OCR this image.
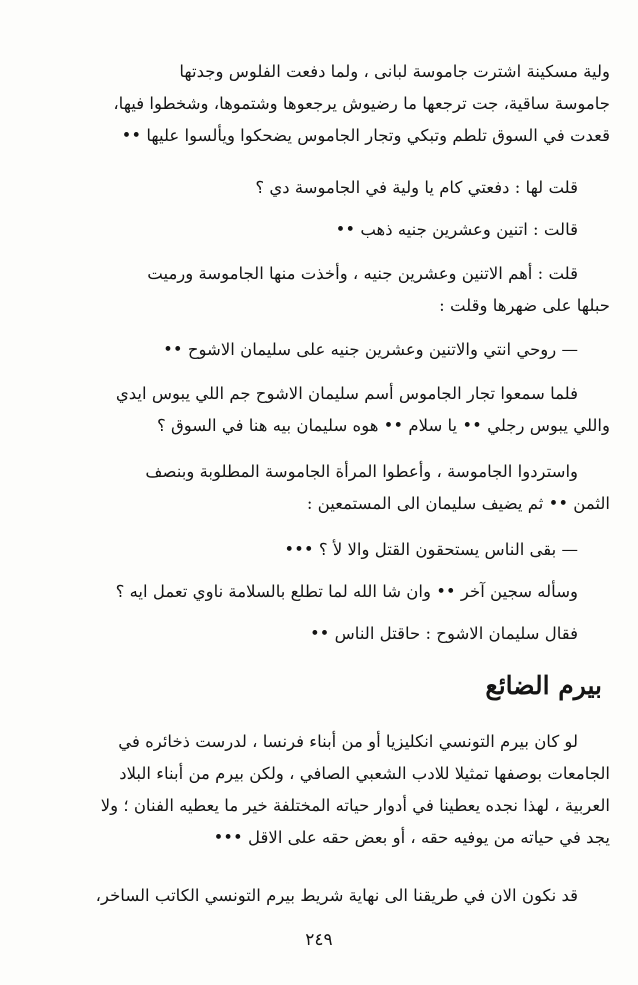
ولية مسكينة اشترت جاموسة لبانى ، ولما دفعت الفلوس وجدتها
جاموسة ساقية، جت ترجعها ما رضيوش يرجعوها وشتموها، وشخطوا فيها،
قعدت في السوق تلطم وتبكي وتجار الجاموس يضحكوا ويألسوا عليها ••

قلت لها : دفعتي كام يا ولية في الجاموسة دي ؟

قالت : اتنين وعشرين جنيه ذهب ••

قلت : أهم الاتنين وعشرين جنيه ، وأخذت منها الجاموسة ورميت
حبلها على ضهرها وقلت :

— روحي انتي والاتنين وعشرين جنيه على سليمان الاشوح ••

فلما سمعوا تجار الجاموس أسم سليمان الاشوح جم اللي يبوس ايدي
واللي يبوس رجلي •• يا سلام •• هوه سليمان بيه هنا في السوق ؟

واستردوا الجاموسة ، وأعطوا المرأة الجاموسة المطلوبة وبنصف
الثمن •• ثم يضيف سليمان الى المستمعين :

— بقى الناس يستحقون القتل والا لأ ؟ •••

وسأله سجين آخر •• وان شا الله لما تطلع بالسلامة ناوي تعمل ايه ؟

فقال سليمان الاشوح : حاقتل الناس ••

بيرم الضائع

لو كان بيرم التونسي انكليزيا أو من أبناء فرنسا ، لدرست ذخائره في
الجامعات بوصفها تمثيلا للادب الشعبي الصافي ، ولكن بيرم من أبناء البلاد
العربية ، لهذا نجده يعطينا في أدوار حياته المختلفة خير ما يعطيه الفنان ؛ ولا
يجد في حياته من يوفيه حقه ، أو بعض حقه على الاقل •••

قد نكون الان في طريقنا الى نهاية شريط بيرم التونسي الكاتب الساخر،

٢٤٩
